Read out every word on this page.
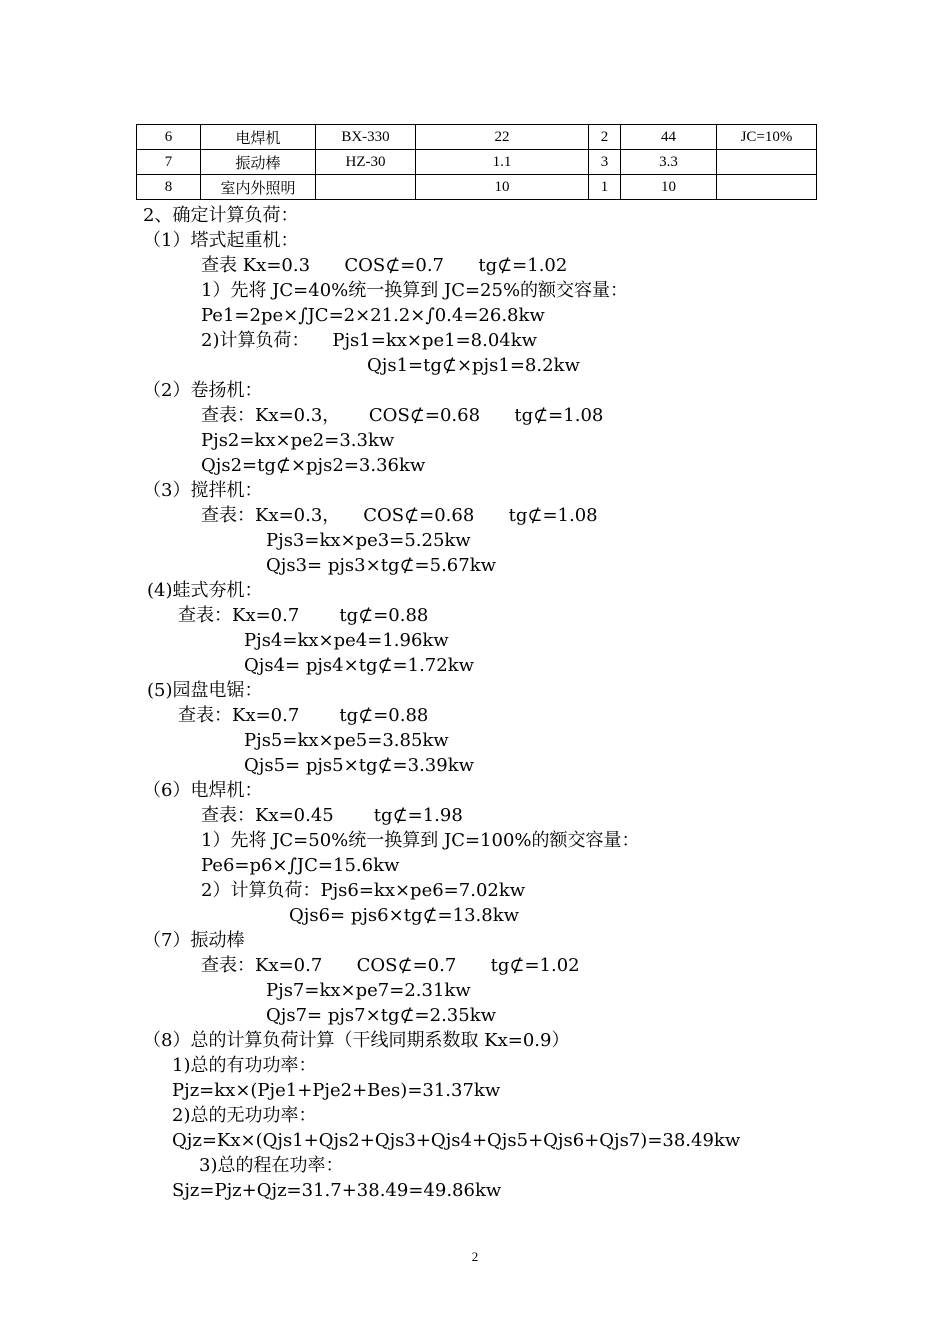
6	电焊机	BX-330	22	2	44	JC=10%
7	振动棒	HZ-30	1.1	3	3.3	
8	室内外照明		10	1	10	
2、确定计算负荷：
（1）塔式起重机：
查表 Kx=0.3      COS⊄=0.7      tg⊄=1.02
1）先将 JC=40%统一换算到 JC=25%的额交容量：
Pe1=2pe×∫JC=2×21.2×∫0.4=26.8kw
2)计算负荷：    Pjs1=kx×pe1=8.04kw
Qjs1=tg⊄×pjs1=8.2kw
（2）卷扬机：
查表：Kx=0.3，     COS⊄=0.68      tg⊄=1.08
Pjs2=kx×pe2=3.3kw
Qjs2=tg⊄×pjs2=3.36kw
（3）搅拌机：
查表：Kx=0.3，    COS⊄=0.68      tg⊄=1.08
Pjs3=kx×pe3=5.25kw
Qjs3= pjs3×tg⊄=5.67kw
(4)蛙式夯机：
查表：Kx=0.7       tg⊄=0.88
Pjs4=kx×pe4=1.96kw
Qjs4= pjs4×tg⊄=1.72kw
(5)园盘电锯：
查表：Kx=0.7       tg⊄=0.88
Pjs5=kx×pe5=3.85kw
Qjs5= pjs5×tg⊄=3.39kw
（6）电焊机：
查表：Kx=0.45       tg⊄=1.98
1）先将 JC=50%统一换算到 JC=100%的额交容量：
Pe6=p6×∫JC=15.6kw
2）计算负荷：Pjs6=kx×pe6=7.02kw
Qjs6= pjs6×tg⊄=13.8kw
（7）振动棒
查表：Kx=0.7      COS⊄=0.7      tg⊄=1.02
Pjs7=kx×pe7=2.31kw
Qjs7= pjs7×tg⊄=2.35kw
（8）总的计算负荷计算（干线同期系数取 Kx=0.9）
1)总的有功功率：
Pjz=kx×(Pje1+Pje2+Bes)=31.37kw
2)总的无功功率：
Qjz=Kx×(Qjs1+Qjs2+Qjs3+Qjs4+Qjs5+Qjs6+Qjs7)=38.49kw
3)总的程在功率：
Sjz=Pjz+Qjz=31.7+38.49=49.86kw
2
